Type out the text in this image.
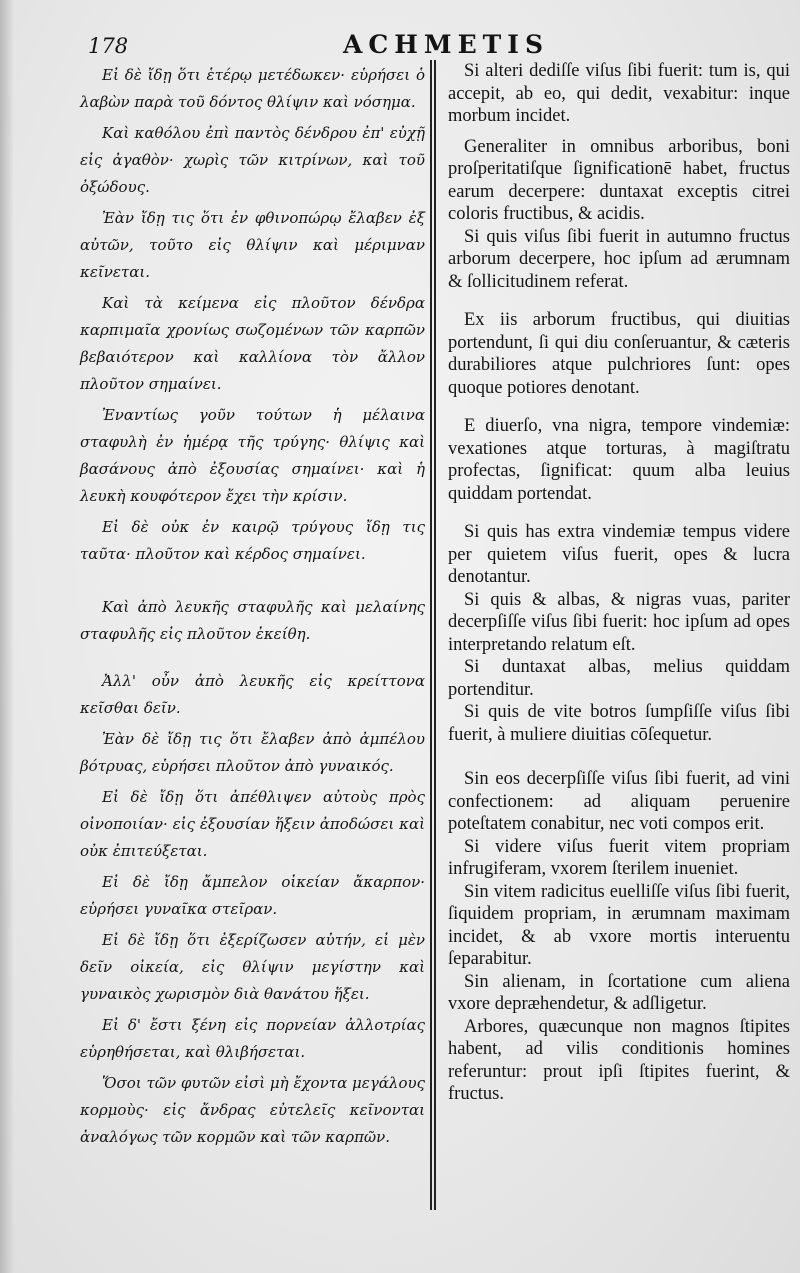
178	ACHMETIS

Εἰ δὲ ἴδῃ ὅτι ἑτέρῳ μετέδωκεν· εὑρήσει ὁ λαβὼν παρὰ τοῦ δόντος θλίψιν καὶ νόσημα.

Καὶ καθόλου ἐπὶ παντὸς δένδρου ἐπ' εὐχῇ εἰς ἀγαθὸν· χωρὶς τῶν κιτρίνων, καὶ τοῦ ὀξώδους.

Ἐὰν ἴδῃ τις ὅτι ἐν φθινοπώρῳ ἔλαβεν ἐξ αὐτῶν, τοῦτο εἰς θλίψιν καὶ μέριμναν κεῖνεται.

Καὶ τὰ κείμενα εἰς πλοῦτον δένδρα καρπιμαῖα χρονίως σωζομένων τῶν καρπῶν βεβαιότερον καὶ καλλίονα τὸν ἄλλον πλοῦτον σημαίνει.

Ἐναντίως γοῦν τούτων ἡ μέλαινα σταφυλὴ ἐν ἡμέρᾳ τῆς τρύγης· θλίψις καὶ βασάνους ἀπὸ ἐξουσίας σημαίνει· καὶ ἡ λευκὴ κουφότερον ἔχει τὴν κρίσιν.

Εἰ δὲ οὐκ ἐν καιρῷ τρύγους ἴδῃ τις ταῦτα· πλοῦτον καὶ κέρδος σημαίνει.

Καὶ ἀπὸ λευκῆς σταφυλῆς καὶ μελαίνης σταφυλῆς εἰς πλοῦτον ἐκείθη.

Ἀλλ' οὖν ἀπὸ λευκῆς εἰς κρείττονα κεῖσθαι δεῖν.

Ἐὰν δὲ ἴδῃ τις ὅτι ἔλαβεν ἀπὸ ἀμπέλου βότρυας, εὑρήσει πλοῦτον ἀπὸ γυναικός.

Εἰ δὲ ἴδῃ ὅτι ἀπέθλιψεν αὐτοὺς πρὸς οἰνοποιίαν· εἰς ἐξουσίαν ἥξειν ἀποδώσει καὶ οὐκ ἐπιτεύξεται.

Εἰ δὲ ἴδῃ ἄμπελον οἰκείαν ἄκαρπον· εὑρήσει γυναῖκα στεῖραν.

Εἰ δὲ ἴδῃ ὅτι ἐξερίζωσεν αὐτήν, εἰ μὲν δεῖν οἰκεία, εἰς θλίψιν μεγίστην καὶ γυναικὸς χωρισμὸν διὰ θανάτου ἥξει.

Εἰ δ' ἔστι ξένη εἰς πορνείαν ἀλλοτρίας εὑρηθήσεται, καὶ θλιβήσεται.

Ὅσοι τῶν φυτῶν εἰσὶ μὴ ἔχοντα μεγάλους κορμοὺς· εἰς ἄνδρας εὐτελεῖς κεῖνονται ἀναλόγως τῶν κορμῶν καὶ τῶν καρπῶν.

Si alteri dediſſe viſus ſibi fuerit: tum is, qui accepit, ab eo, qui dedit, vexabitur: inque morbum incidet.

Generaliter in omnibus arboribus, boni proſperitatiſque ſignificationē habet, fructus earum decerpere: duntaxat exceptis citrei coloris fructibus, & acidis.

Si quis viſus ſibi fuerit in autumno fructus arborum decerpere, hoc ipſum ad ærumnam & ſollicitudinem referat.

Ex iis arborum fructibus, qui diuitias portendunt, ſi qui diu conſeruantur, & cæteris durabiliores atque pulchriores ſunt: opes quoque potiores denotant.

E diuerſo, vna nigra, tempore vindemiæ: vexationes atque torturas, à magiſtratu profectas, ſignificat: quum alba leuius quiddam portendat.

Si quis has extra vindemiæ tempus videre per quietem viſus fuerit, opes & lucra denotantur.

Si quis & albas, & nigras vuas, pariter decerpſiſſe viſus ſibi fuerit: hoc ipſum ad opes interpretando relatum eſt.

Si duntaxat albas, melius quiddam portenditur.

Si quis de vite botros ſumpſiſſe viſus ſibi fuerit, à muliere diuitias cōſequetur.

Sin eos decerpſiſſe viſus ſibi fuerit, ad vini confectionem: ad aliquam peruenire poteſtatem conabitur, nec voti compos erit.

Si videre viſus fuerit vitem propriam infrugiferam, vxorem ſterilem inueniet.

Sin vitem radicitus euelliſſe viſus ſibi fuerit, ſiquidem propriam, in ærumnam maximam incidet, & ab vxore mortis interuentu ſeparabitur.

Sin alienam, in ſcortatione cum aliena vxore depræhendetur, & adſligetur.

Arbores, quæcunque non magnos ſtipites habent, ad vilis conditionis homines referuntur: prout ipſi ſtipites fuerint, & fructus.
